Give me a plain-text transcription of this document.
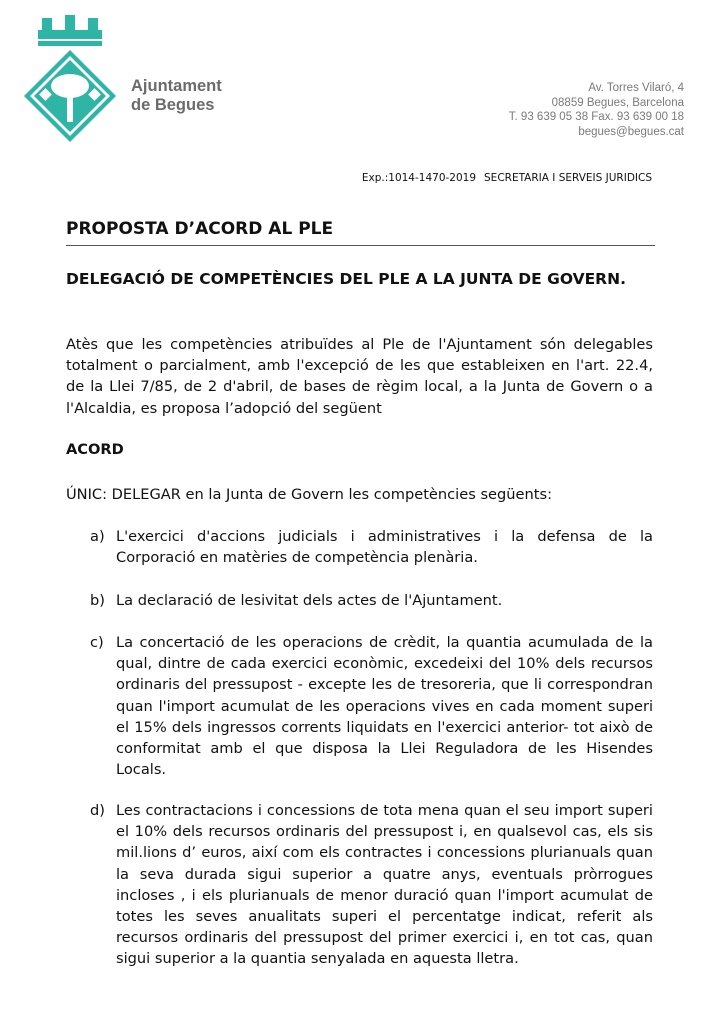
Ajuntament
de Begues
Av. Torres Vilaró, 4
08859 Begues, Barcelona
T. 93 639 05 38 Fax. 93 639 00 18
begues@begues.cat
Exp.:1014-1470-2019 SECRETARIA I SERVEIS JURIDICS
PROPOSTA D’ACORD AL PLE
DELEGACIÓ DE COMPETÈNCIES DEL PLE A LA JUNTA DE GOVERN.
Atès que les competències atribuïdes al Ple de l'Ajuntament són delegables totalment o parcialment, amb l'excepció de les que estableixen en l'art. 22.4, de la Llei 7/85, de 2 d'abril, de bases de règim local, a la Junta de Govern o a l'Alcaldia, es proposa l’adopció del següent
ACORD
ÚNIC: DELEGAR en la Junta de Govern les competències següents:
a) L'exercici d'accions judicials i administratives i la defensa de la Corporació en matèries de competència plenària.
b) La declaració de lesivitat dels actes de l'Ajuntament.
c) La concertació de les operacions de crèdit, la quantia acumulada de la qual, dintre de cada exercici econòmic, excedeixi del 10% dels recursos ordinaris del pressupost - excepte les de tresoreria, que li correspondran quan l'import acumulat de les operacions vives en cada moment superi el 15% dels ingressos corrents liquidats en l'exercici anterior- tot això de conformitat amb el que disposa la Llei Reguladora de les Hisendes Locals.
d) Les contractacions i concessions de tota mena quan el seu import superi el 10% dels recursos ordinaris del pressupost i, en qualsevol cas, els sis mil.lions d’ euros, així com els contractes i concessions plurianuals quan la seva durada sigui superior a quatre anys, eventuals pròrrogues incloses , i els plurianuals de menor duració quan l'import acumulat de totes les seves anualitats superi el percentatge indicat, referit als recursos ordinaris del pressupost del primer exercici i, en tot cas, quan sigui superior a la quantia senyalada en aquesta lletra.
